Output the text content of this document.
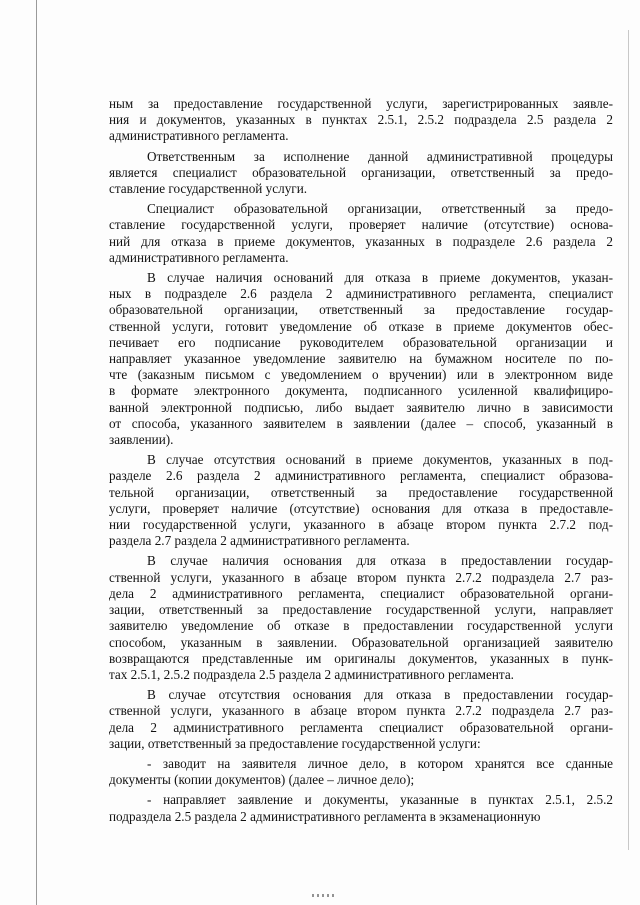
ным за предоставление государственной услуги, зарегистрированных заявле-
ния и документов, указанных в пунктах 2.5.1, 2.5.2 подраздела 2.5 раздела 2
административного регламента.

Ответственным за исполнение данной административной процедуры
является специалист образовательной организации, ответственный за предо-
ставление государственной услуги.

Специалист образовательной организации, ответственный за предо-
ставление государственной услуги, проверяет наличие (отсутствие) основа-
ний для отказа в приеме документов, указанных в подразделе 2.6 раздела 2
административного регламента.

В случае наличия оснований для отказа в приеме документов, указан-
ных в подразделе 2.6 раздела 2 административного регламента, специалист
образовательной организации, ответственный за предоставление государ-
ственной услуги, готовит уведомление об отказе в приеме документов обес-
печивает его подписание руководителем образовательной организации и
направляет указанное уведомление заявителю на бумажном носителе по по-
чте (заказным письмом с уведомлением о вручении) или в электронном виде
в формате электронного документа, подписанного усиленной квалифициро-
ванной электронной подписью, либо выдает заявителю лично в зависимости
от способа, указанного заявителем в заявлении (далее – способ, указанный в
заявлении).

В случае отсутствия оснований в приеме документов, указанных в под-
разделе 2.6 раздела 2 административного регламента, специалист образова-
тельной организации, ответственный за предоставление государственной
услуги, проверяет наличие (отсутствие) основания для отказа в предоставле-
нии государственной услуги, указанного в абзаце втором пункта 2.7.2 под-
раздела 2.7 раздела 2 административного регламента.

В случае наличия основания для отказа в предоставлении государ-
ственной услуги, указанного в абзаце втором пункта 2.7.2 подраздела 2.7 раз-
дела 2 административного регламента, специалист образовательной органи-
зации, ответственный за предоставление государственной услуги, направляет
заявителю уведомление об отказе в предоставлении государственной услуги
способом, указанным в заявлении. Образовательной организацией заявителю
возвращаются представленные им оригиналы документов, указанных в пунк-
тах 2.5.1, 2.5.2 подраздела 2.5 раздела 2 административного регламента.

В случае отсутствия основания для отказа в предоставлении государ-
ственной услуги, указанного в абзаце втором пункта 2.7.2 подраздела 2.7 раз-
дела 2 административного регламента специалист образовательной органи-
зации, ответственный за предоставление государственной услуги:

- заводит на заявителя личное дело, в котором хранятся все сданные
документы (копии документов) (далее – личное дело);

- направляет заявление и документы, указанные в пунктах 2.5.1, 2.5.2
подраздела 2.5 раздела 2 административного регламента в экзаменационную
